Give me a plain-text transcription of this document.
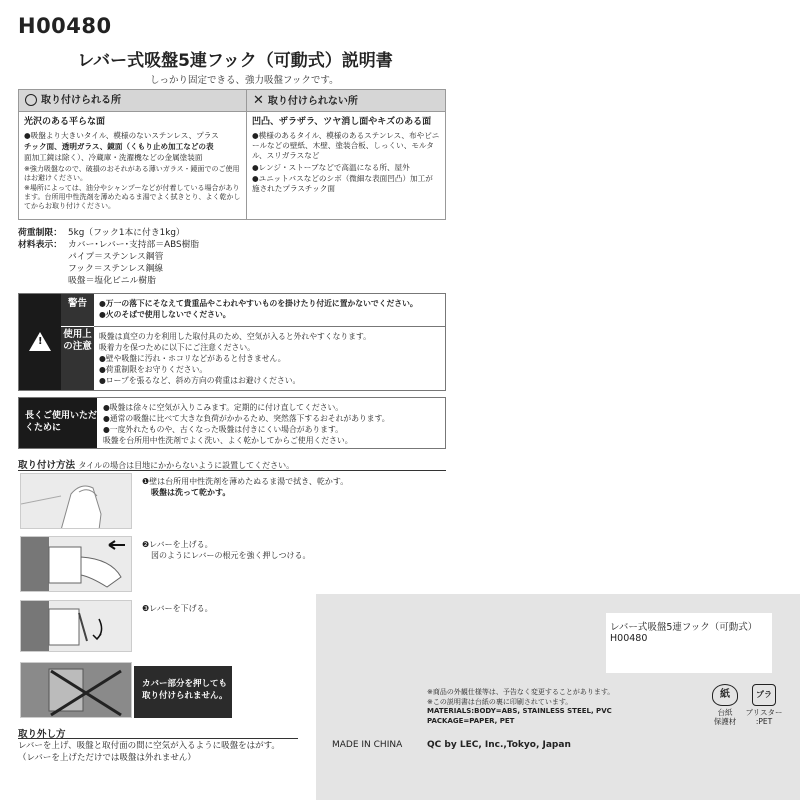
H00480
レバー式吸盤5連フック（可動式）説明書
しっかり固定できる、強力吸盤フックです。
取り付けられる所	✕ 取り付けられない所
光沢のある平らな面

●吸盤より大きいタイル、模様のないステンレス、プラス

チック面、透明ガラス、鏡面（くもり止め加工などの表

面加工鏡は除く）、冷蔵庫・洗濯機などの金属塗装面

※強力吸盤なので、破損のおそれがある薄いガラス・鏡面でのご使用はお避けください。

※場所によっては、油分やシャンプーなどが付着している場合があります。台所用中性洗剤を薄めたぬるま湯でよく拭きとり、よく乾かしてからお取り付けください。

凹凸、ザラザラ、ツヤ消し面やキズのある面

●模様のあるタイル、模様のあるステンレス、布やビニールなどの壁紙、木壁、塗装合板、しっくい、モルタル、スリガラスなど

●レンジ・ストーブなどで高温になる所、屋外

●ユニットバスなどのシボ（微細な表面凹凸）加工が施されたプラスチック面

荷重制限： 5kg（フック1本に付き1kg）
材料表示： カバー･レバー･支持部＝ABS樹脂
パイプ＝ステンレス鋼管
フック＝ステンレス鋼線
吸盤＝塩化ビニル樹脂
!
警告
使用上の注意
●万一の落下にそなえて貴重品やこわれやすいものを掛けたり付近に置かないでください。
●火のそばで使用しないでください。
吸盤は真空の力を利用した取付具のため、空気が入ると外れやすくなります。
吸着力を保つために以下にご注意ください。
●壁や吸盤に汚れ・ホコリなどがあると付きません。
●荷重制限をお守りください。
●ロープを張るなど、斜め方向の荷重はお避けください。
長くご使用いただくために
●吸盤は徐々に空気が入りこみます。定期的に付け直してください。
●通常の吸盤に比べて大きな負荷がかかるため、突然落下するおそれがあります。
●一度外れたものや、古くなった吸盤は付きにくい場合があります。
吸盤を台所用中性洗剤でよく洗い、よく乾かしてからご使用ください。
取り付け方法 タイルの場合は目地にかからないように設置してください。
❶壁は台所用中性洗剤を薄めたぬるま湯で拭き、乾かす。
吸盤は洗って乾かす。
❷レバーを上げる。
図のようにレバーの根元を強く押しつける。
❸レバーを下げる。
カバー部分を押しても
取り付けられません。
取り外し方
レバーを上げ、吸盤と取付面の間に空気が入るように吸盤をはがす。
（レバーを上げただけでは吸盤は外れません）
レバー式吸盤5連フック（可動式） H00480
※商品の外観仕様等は、予告なく変更することがあります。
※この説明書は台紙の裏に印刷されています。
MATERIALS:BODY=ABS, STAINLESS STEEL, PVC
PACKAGE=PAPER, PET
MADE IN CHINA	QC by LEC, Inc.,Tokyo, Japan
紙
台紙
保護材
プラ
ブリスター
:PET
